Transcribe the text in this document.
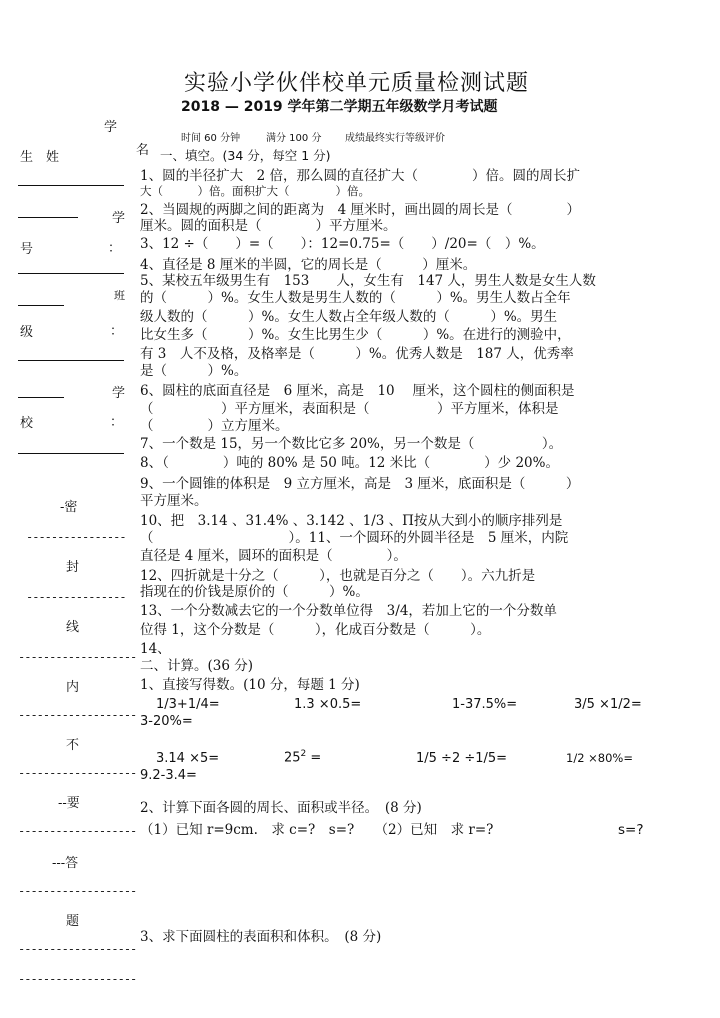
实验小学伙伴校单元质量检测试题
2018 — 2019 学年第二学期五年级数学月考试题
时间 60 分钟	满分 100 分 成绩最终实行等级评价
学
名
生　姓
学
号	：
班
级	：
学
校	：
-密
----------------
封
----------------
线
-------------------
内
-------------------
不
-------------------
--要
-------------------
---答
-------------------
题
-------------------
-------------------
一、填空。(34 分，每空 1 分)
1、圆的半径扩大　2 倍，那么圆的直径扩大（　　　　）倍。圆的周长扩
大（　　　）倍。面积扩大（　　　　）倍。
2、当圆规的两脚之间的距离为　4 厘米时，画出圆的周长是（　　　　）
厘米。圆的面积是（　　　　）平方厘米。
3、12 ÷（　　）=（　　）：12=0.75=（　　）/20=（　）%。
4、直径是 8 厘米的半圆，它的周长是（　　　）厘米。
5、某校五年级男生有　153　　人，女生有　147 人，男生人数是女生人数
的（　　　）%。女生人数是男生人数的（　　　）%。男生人数占全年
级人数的（　　　）%。女生人数占全年级人数的（　　　）%。男生
比女生多（　　　）%。女生比男生少（　　　）%。在进行的测验中，
有 3　人不及格，及格率是（　　　）%。优秀人数是　187 人，优秀率
是（　　　）%。
6、圆柱的底面直径是　6 厘米，高是　10　 厘米，这个圆柱的侧面积是
（　　　　　）平方厘米，表面积是（　　　　　）平方厘米，体积是
（　　　　）立方厘米。
7、一个数是 15，另一个数比它多 20%，另一个数是（　　　　　）。
8、（　　　　）吨的 80% 是 50 吨。12 米比（　　　　）少 20%。
9、一个圆锥的体积是　9 立方厘米，高是　3 厘米，底面积是（　　　）
平方厘米。
10、把　3.14 、31.4% 、3.142 、1/3 、Π按从大到小的顺序排列是
（　　　　　　　　　　）。11、一个圆环的外圆半径是　5 厘米，内院
直径是 4 厘米，圆环的面积是（　　　　）。
12、四折就是十分之（　　　），也就是百分之（　　）。六九折是
指现在的价钱是原价的（　　　）%。
13、一个分数减去它的一个分数单位得　3/4，若加上它的一个分数单
位得 1，这个分数是（　　　），化成百分数是（　　　）。
14、
二、计算。(36 分)
1、直接写得数。(10 分，每题 1 分)
1/3+1/4=	1.3 ×0.5=	1-37.5%=	3/5 ×1/2=
3-20%=
3.14 ×5=	$25^2$ =	1/5 ÷2 ÷1/5=	1/2 ×80%=
9.2-3.4=
2、计算下面各圆的周长、面积或半径。　(8 分)
（1）已知 r=9cm.　求 c=?　s=?　　（2）已知　求 r=?	s=?
3、求下面圆柱的表面积和体积。　(8 分)
